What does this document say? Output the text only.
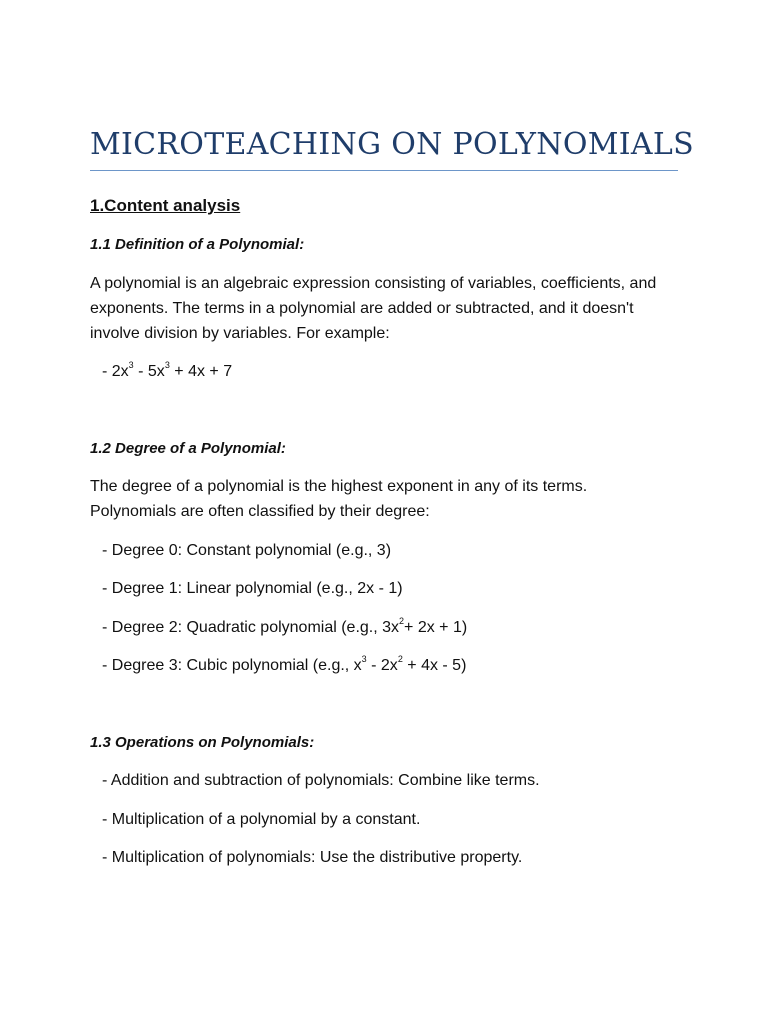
MICROTEACHING ON POLYNOMIALS
1.Content analysis
1.1 Definition of a Polynomial:
A polynomial is an algebraic expression consisting of variables, coefficients, and
exponents. The terms in a polynomial are added or subtracted, and it doesn't
involve division by variables. For example:
- $2x^3 - 5x^3 + 4x + 7$
1.2 Degree of a Polynomial:
The degree of a polynomial is the highest exponent in any of its terms.
Polynomials are often classified by their degree:
- Degree 0: Constant polynomial (e.g., 3)
- Degree 1: Linear polynomial (e.g., 2x - 1)
- Degree 2: Quadratic polynomial (e.g., $3x^2+ 2x + 1$)
- Degree 3: Cubic polynomial (e.g., $x^3 - 2x^2 + 4x - 5$)
1.3 Operations on Polynomials:
- Addition and subtraction of polynomials: Combine like terms.
- Multiplication of a polynomial by a constant.
- Multiplication of polynomials: Use the distributive property.
